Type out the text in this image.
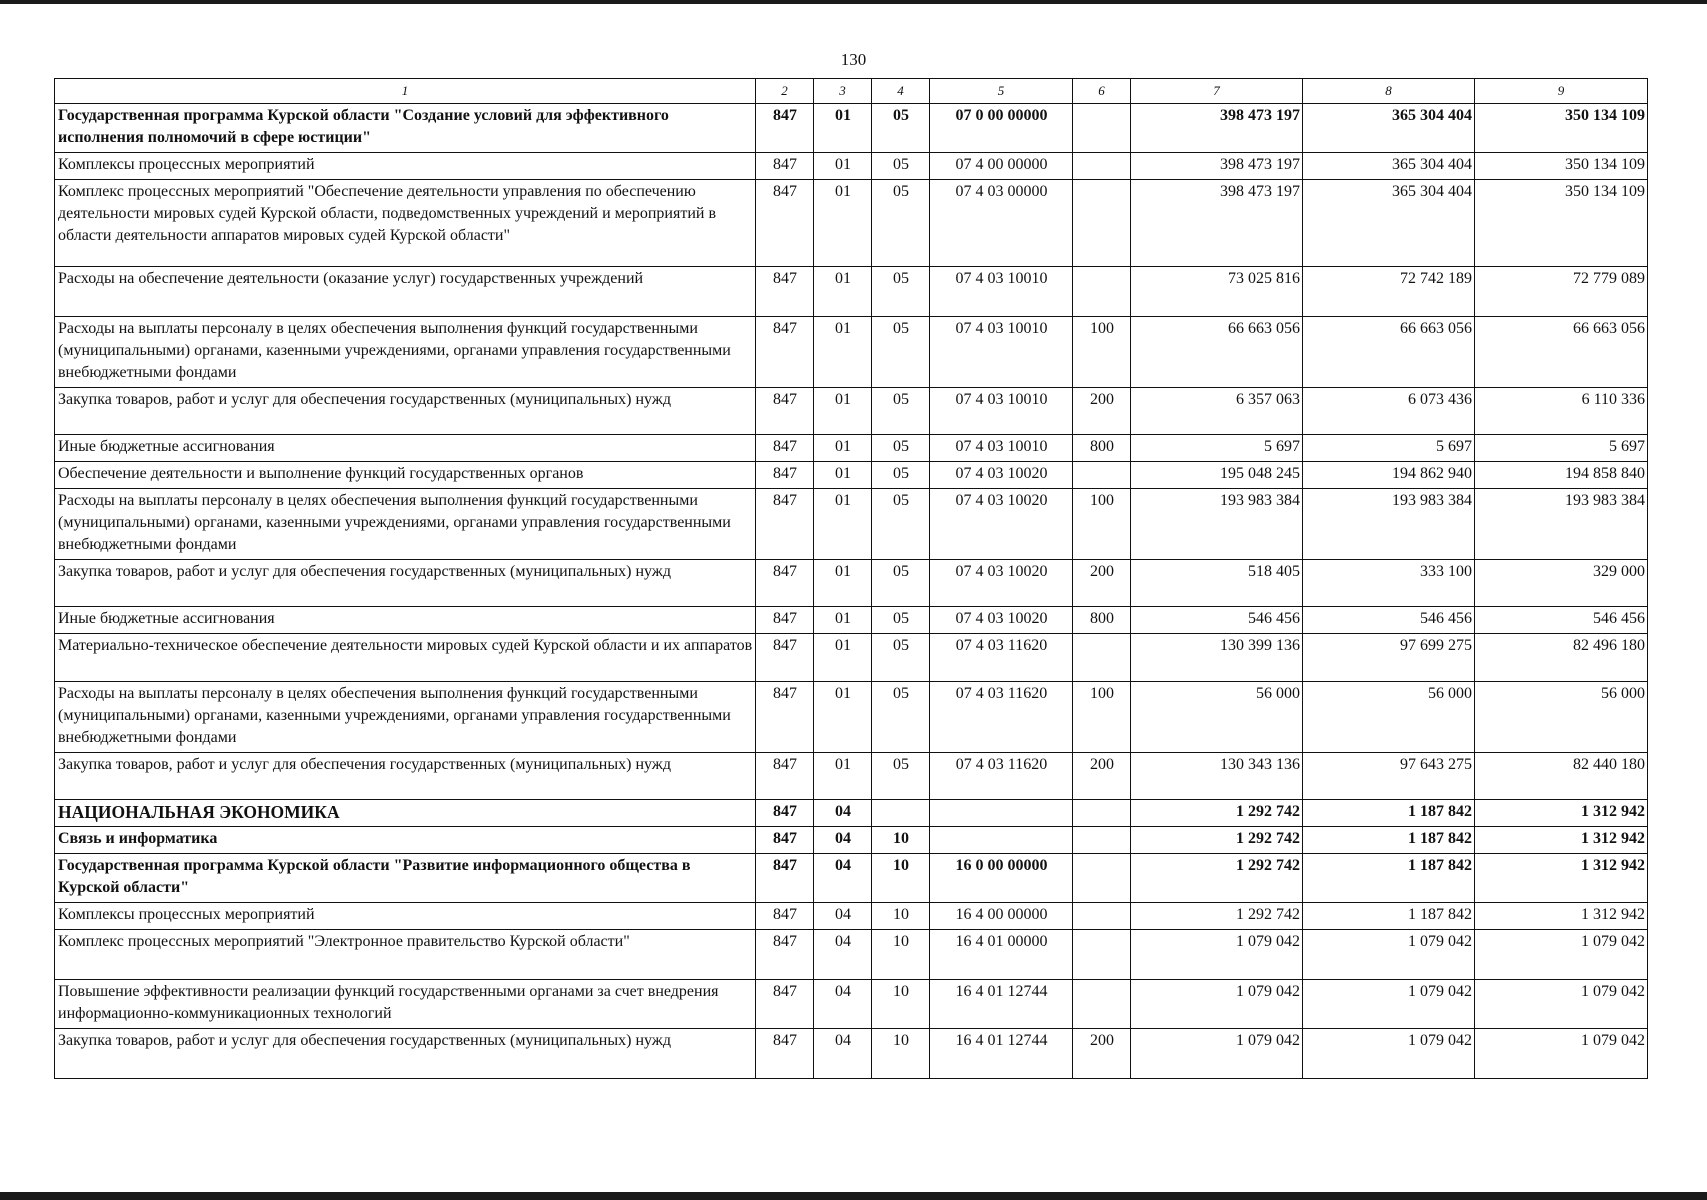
130
1	2	3	4	5	6	7	8	9
Государственная программа Курской области "Создание условий для эффективного исполнения полномочий в сфере юстиции"	847	01	05	07 0 00 00000		398 473 197	365 304 404	350 134 109
Комплексы процессных мероприятий	847	01	05	07 4 00 00000		398 473 197	365 304 404	350 134 109
Комплекс процессных мероприятий "Обеспечение деятельности управления по обеспечению деятельности мировых судей Курской области, подведомственных учреждений и мероприятий в области деятельности аппаратов мировых судей Курской области"	847	01	05	07 4 03 00000		398 473 197	365 304 404	350 134 109
Расходы на обеспечение деятельности (оказание услуг) государственных учреждений	847	01	05	07 4 03 10010		73 025 816	72 742 189	72 779 089
Расходы на выплаты персоналу в целях обеспечения выполнения функций государственными (муниципальными) органами, казенными учреждениями, органами управления государственными внебюджетными фондами	847	01	05	07 4 03 10010	100	66 663 056	66 663 056	66 663 056
Закупка товаров, работ и услуг для обеспечения государственных (муниципальных) нужд	847	01	05	07 4 03 10010	200	6 357 063	6 073 436	6 110 336
Иные бюджетные ассигнования	847	01	05	07 4 03 10010	800	5 697	5 697	5 697
Обеспечение деятельности и выполнение функций государственных органов	847	01	05	07 4 03 10020		195 048 245	194 862 940	194 858 840
Расходы на выплаты персоналу в целях обеспечения выполнения функций государственными (муниципальными) органами, казенными учреждениями, органами управления государственными внебюджетными фондами	847	01	05	07 4 03 10020	100	193 983 384	193 983 384	193 983 384
Закупка товаров, работ и услуг для обеспечения государственных (муниципальных) нужд	847	01	05	07 4 03 10020	200	518 405	333 100	329 000
Иные бюджетные ассигнования	847	01	05	07 4 03 10020	800	546 456	546 456	546 456
Материально-техническое обеспечение деятельности мировых судей Курской области и их аппаратов	847	01	05	07 4 03 11620		130 399 136	97 699 275	82 496 180
Расходы на выплаты персоналу в целях обеспечения выполнения функций государственными (муниципальными) органами, казенными учреждениями, органами управления государственными внебюджетными фондами	847	01	05	07 4 03 11620	100	56 000	56 000	56 000
Закупка товаров, работ и услуг для обеспечения государственных (муниципальных) нужд	847	01	05	07 4 03 11620	200	130 343 136	97 643 275	82 440 180
НАЦИОНАЛЬНАЯ ЭКОНОМИКА	847	04				1 292 742	1 187 842	1 312 942
Связь и информатика	847	04	10			1 292 742	1 187 842	1 312 942
Государственная программа Курской области "Развитие информационного общества в Курской области"	847	04	10	16 0 00 00000		1 292 742	1 187 842	1 312 942
Комплексы процессных мероприятий	847	04	10	16 4 00 00000		1 292 742	1 187 842	1 312 942
Комплекс процессных мероприятий "Электронное правительство Курской области"	847	04	10	16 4 01 00000		1 079 042	1 079 042	1 079 042
Повышение эффективности реализации функций государственными органами за счет внедрения информационно-коммуникационных технологий	847	04	10	16 4 01 12744		1 079 042	1 079 042	1 079 042
Закупка товаров, работ и услуг для обеспечения государственных (муниципальных) нужд	847	04	10	16 4 01 12744	200	1 079 042	1 079 042	1 079 042
